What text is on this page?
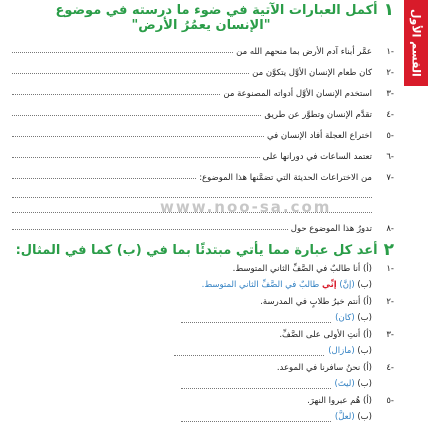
القسم الأول
www.noo-sa.com
١
أكمل العبارات الآتية في ضوء ما درسته في موضوع
"الإنسان يعمُرُ الأرض"
-١
عمَّر أبناء آدم الأرض بما منحهم الله من
-٢
كان طعام الإنسان الأوَّل يتكوَّن من
-٣
استخدم الإنسان الأوَّل أدواته المصنوعة من
-٤
تقدَّم الإنسان وتطوَّر عن طريق
-٥
اختراع العجلة أفاد الإنسان في
-٦
تعتمد الساعات في دورانها على
-٧
من الاختراعات الحديثة التي تضمَّنها هذا الموضوع:
-٨
تدورُ هذا الموضوع حول
٢
أعد كل عبارة مما يأتي مبتدئًا بما في (ب) كما في المثال:
-١
(أ) أنا طالبٌ في الصَّفِّ الثاني المتوسط.
(ب)

(إنَّ)

إنِّي

طالبٌ في الصَّفِّ الثاني المتوسط.
-٢
(أ) أنتم خيرُ طلابٍ في المدرسة.
(ب)

(كان)
-٣
(أ) أنتِ الأولى على الصَّفِّ.
(ب)

(مازال)
-٤
(أ) نحنُ سافرنا في الموعد.
(ب)

(ليتَ)
-٥
(أ) هُم عبروا النهرَ.
(ب)

(لعلَّ)
